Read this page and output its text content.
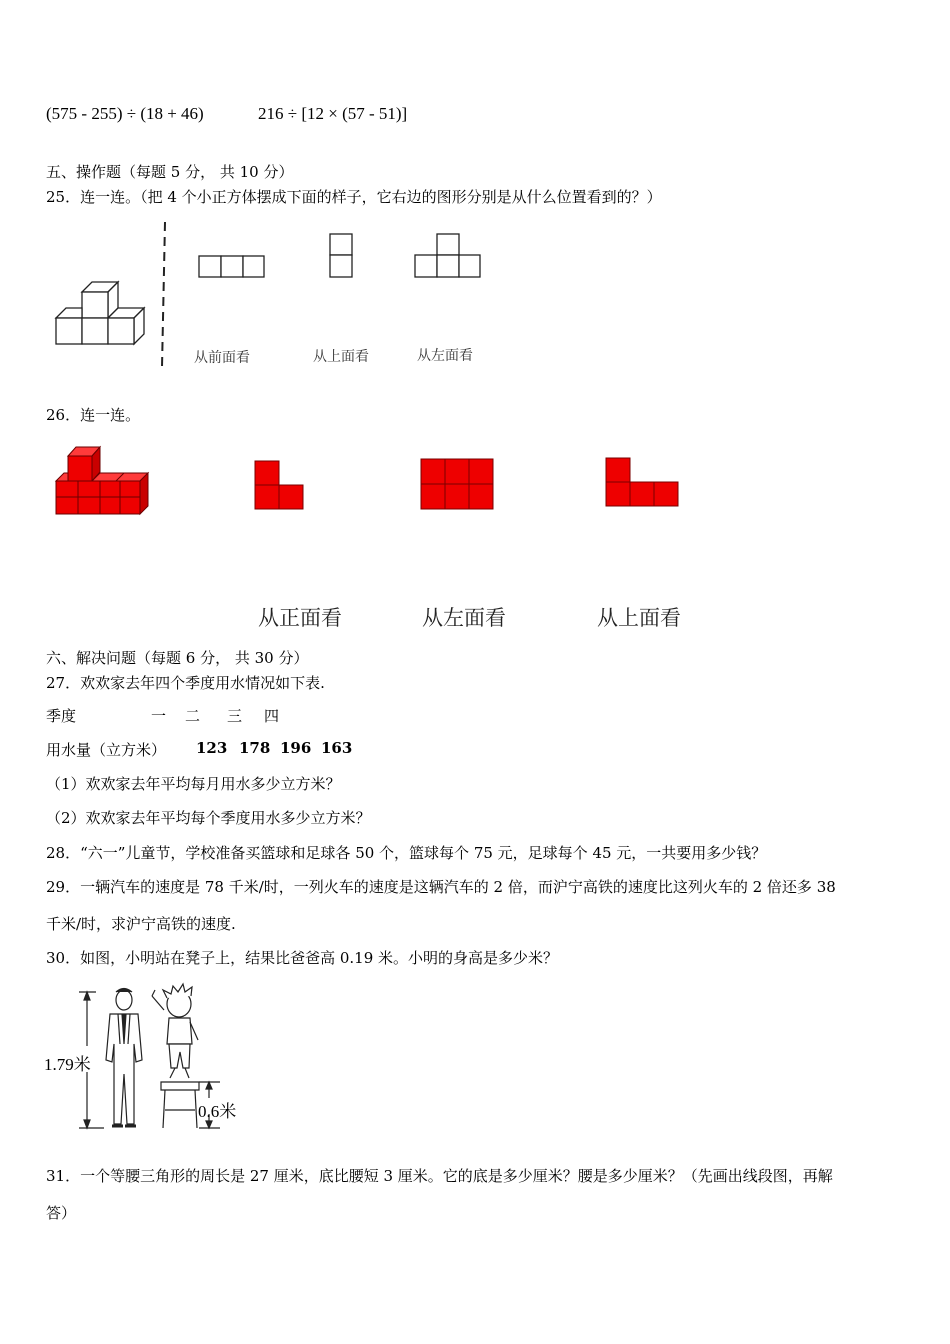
(575 - 255) ÷ (18 + 46)	216 ÷ [12 × (57 - 51)]
五、操作题（每题 5 分， 共 10 分）
25．连一连。（把 4 个小正方体摆成下面的样子，它右边的图形分别是从什么位置看到的？）
从前面看	从上面看	从左面看
26．连一连。
从正面看	从左面看	从上面看
六、解决问题（每题 6 分， 共 30 分）
27．欢欢家去年四个季度用水情况如下表.
季度	一 二 三 四
用水量（立方米） 123 178 196 163
（1）欢欢家去年平均每月用水多少立方米？
（2）欢欢家去年平均每个季度用水多少立方米？
28．“六一”儿童节，学校准备买篮球和足球各 50 个，篮球每个 75 元，足球每个 45 元，一共要用多少钱？
29．一辆汽车的速度是 78 千米/时，一列火车的速度是这辆汽车的 2 倍，而沪宁高铁的速度比这列火车的 2 倍还多 38
千米/时，求沪宁高铁的速度.
30．如图，小明站在凳子上，结果比爸爸高 0.19 米。小明的身高是多少米？
1.79米
0.6米
31．一个等腰三角形的周长是 27 厘米，底比腰短 3 厘米。它的底是多少厘米？腰是多少厘米？（先画出线段图，再解
答）
